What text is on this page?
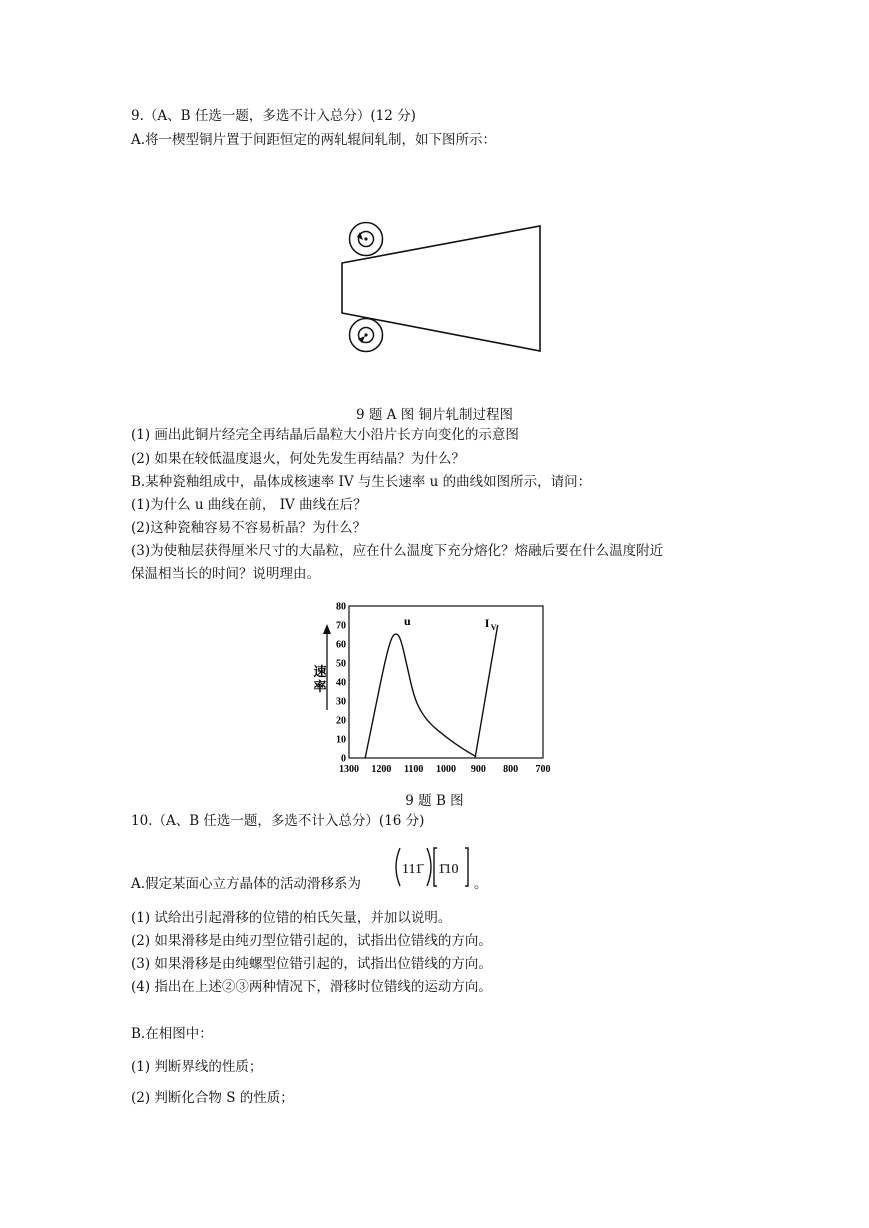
9.（A、B 任选一题，多选不计入总分）(12 分)
A.将一楔型铜片置于间距恒定的两轧辊间轧制，如下图所示：
9 题 A 图 铜片轧制过程图
(1) 画出此铜片经完全再结晶后晶粒大小沿片长方向变化的示意图
(2) 如果在较低温度退火，何处先发生再结晶？为什么？
B.某种瓷釉组成中，晶体成核速率 IV 与生长速率 u 的曲线如图所示，请问：
(1)为什么 u 曲线在前， IV 曲线在后？
(2)这种瓷釉容易不容易析晶？为什么？
(3)为使釉层获得厘米尺寸的大晶粒，应在什么温度下充分熔化？熔融后要在什么温度附近
保温相当长的时间？说明理由。
0
10
20
30
40
50
60
70
80
1300 1200 1100 1000 900 800 700
速
率
u	I V
9 题 B 图
10.（A、B 任选一题，多选不计入总分）(16 分)
A.假定某面心立方晶体的活动滑移系为
111̄ 1̄10
。
(1) 试给出引起滑移的位错的柏氏矢量，并加以说明。
(2) 如果滑移是由纯刃型位错引起的，试指出位错线的方向。
(3) 如果滑移是由纯螺型位错引起的，试指出位错线的方向。
(4) 指出在上述②③两种情况下，滑移时位错线的运动方向。
B.在相图中：
(1) 判断界线的性质；
(2) 判断化合物 S 的性质；
